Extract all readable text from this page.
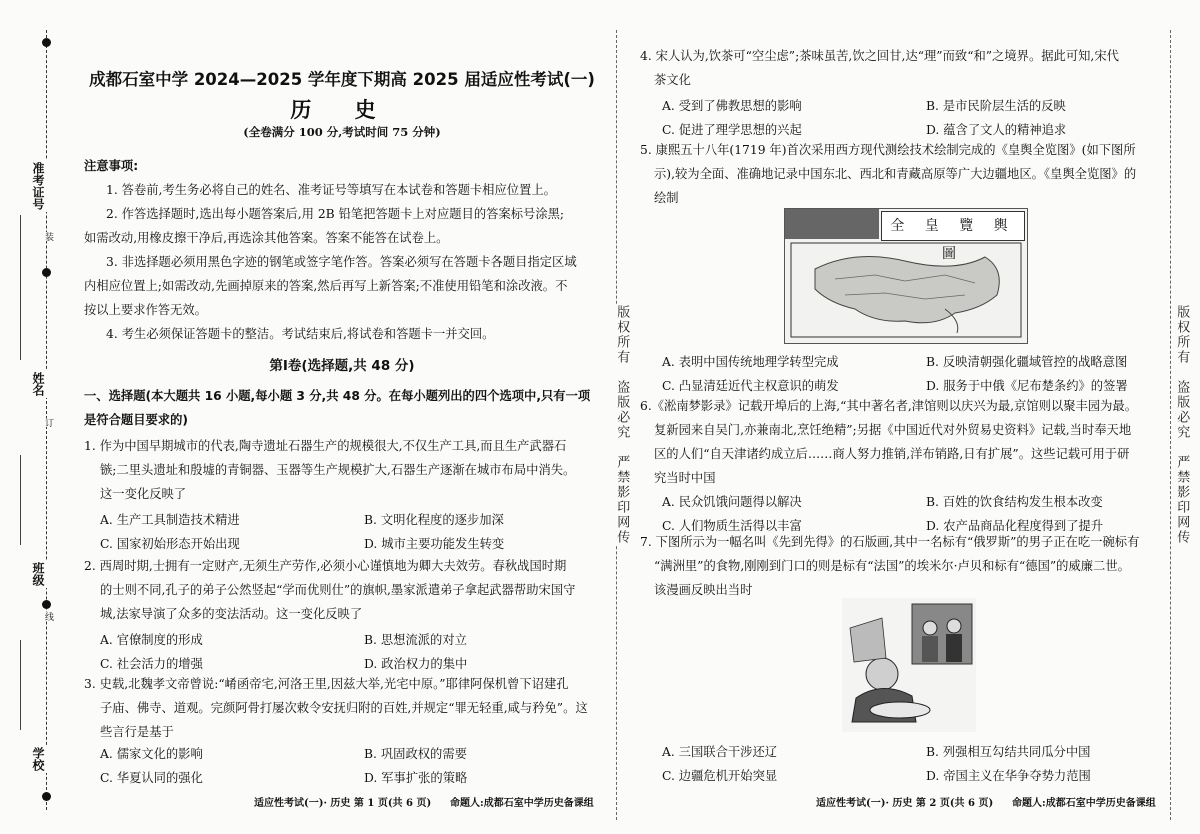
准考证号
装
姓名
订
班级
线
学校
版权所有　盗版必究　严禁影印网传	版权所有　盗版必究　严禁影印网传
成都石室中学 2024—2025 学年度下期高 2025 届适应性考试(一)
历 史
(全卷满分 100 分,考试时间 75 分钟)
注意事项:
1. 答卷前,考生务必将自己的姓名、准考证号等填写在本试卷和答题卡相应位置上。
2. 作答选择题时,选出每小题答案后,用 2B 铅笔把答题卡上对应题目的答案标号涂黑;
如需改动,用橡皮擦干净后,再选涂其他答案。答案不能答在试卷上。
3. 非选择题必须用黑色字迹的钢笔或签字笔作答。答案必须写在答题卡各题目指定区域
内相应位置上;如需改动,先画掉原来的答案,然后再写上新答案;不准使用铅笔和涂改液。不
按以上要求作答无效。
4. 考生必须保证答题卡的整洁。考试结束后,将试卷和答题卡一并交回。
第Ⅰ卷(选择题,共 48 分)
一、选择题(本大题共 16 小题,每小题 3 分,共 48 分。在每小题列出的四个选项中,只有一项
是符合题目要求的)
1. 作为中国早期城市的代表,陶寺遗址石器生产的规模很大,不仅生产工具,而且生产武器石
镞;二里头遗址和殷墟的青铜器、玉器等生产规模扩大,石器生产逐渐在城市布局中消失。
这一变化反映了
A. 生产工具制造技术精进	B. 文明化程度的逐步加深
C. 国家初始形态开始出现	D. 城市主要功能发生转变
2. 西周时期,士拥有一定财产,无须生产劳作,必须小心谨慎地为卿大夫效劳。春秋战国时期
的士则不同,孔子的弟子公然竖起“学而优则仕”的旗帜,墨家派遣弟子拿起武器帮助宋国守
城,法家导演了众多的变法活动。这一变化反映了
A. 官僚制度的形成	B. 思想流派的对立
C. 社会活力的增强	D. 政治权力的集中
3. 史载,北魏孝文帝曾说:“崤函帝宅,河洛王里,因兹大举,光宅中原。”耶律阿保机曾下诏建孔
子庙、佛寺、道观。完颜阿骨打屡次敕令安抚归附的百姓,并规定“罪无轻重,咸与矜免”。这
些言行是基于
A. 儒家文化的影响	B. 巩固政权的需要
C. 华夏认同的强化	D. 军事扩张的策略
适应性考试(一)· 历史 第 1 页(共 6 页) 命题人:成都石室中学历史备课组
4. 宋人认为,饮茶可“空尘虑”;茶味虽苦,饮之回甘,达“理”而致“和”之境界。据此可知,宋代
茶文化
A. 受到了佛教思想的影响	B. 是市民阶层生活的反映
C. 促进了理学思想的兴起	D. 蕴含了文人的精神追求
5. 康熙五十八年(1719 年)首次采用西方现代测绘技术绘制完成的《皇舆全览图》(如下图所
示),较为全面、准确地记录中国东北、西北和青藏高原等广大边疆地区。《皇舆全览图》的
绘制
全 皇 覽 輿 圖
A. 表明中国传统地理学转型完成	B. 反映清朝强化疆域管控的战略意图
C. 凸显清廷近代主权意识的萌发	D. 服务于中俄《尼布楚条约》的签署
6.《淞南梦影录》记载开埠后的上海,“其中著名者,津馆则以庆兴为最,京馆则以聚丰园为最。
复新园来自吴门,亦兼南北,烹饪绝精”;另据《中国近代对外贸易史资料》记载,当时奉天地
区的人们“自天津诸约成立后……商人努力推销,洋布销路,日有扩展”。这些记载可用于研
究当时中国
A. 民众饥饿问题得以解决	B. 百姓的饮食结构发生根本改变
C. 人们物质生活得以丰富	D. 农产品商品化程度得到了提升
7. 下图所示为一幅名叫《先到先得》的石版画,其中一名标有“俄罗斯”的男子正在吃一碗标有
“满洲里”的食物,刚刚到门口的则是标有“法国”的埃米尔·卢贝和标有“德国”的威廉二世。
该漫画反映出当时
A. 三国联合干涉还辽	B. 列强相互勾结共同瓜分中国
C. 边疆危机开始突显	D. 帝国主义在华争夺势力范围
适应性考试(一)· 历史 第 2 页(共 6 页) 命题人:成都石室中学历史备课组
